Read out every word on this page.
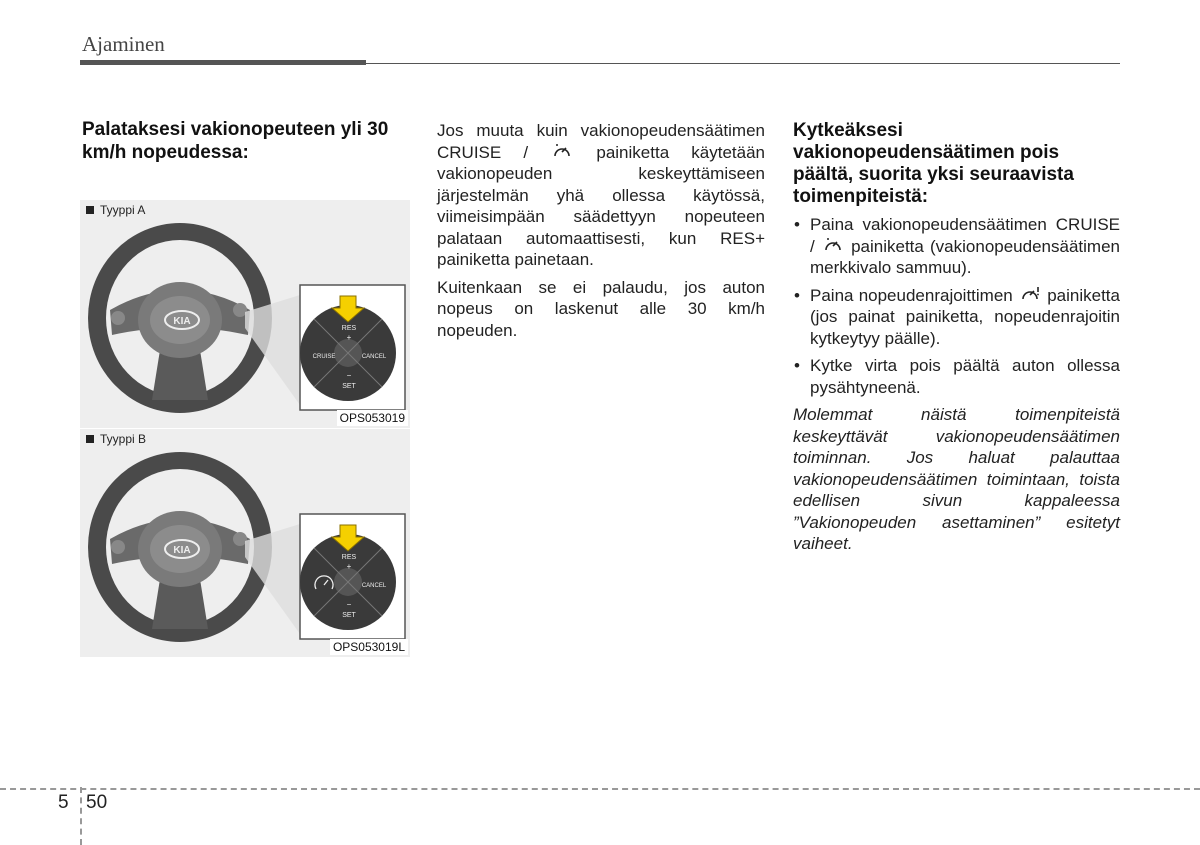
Ajaminen
Palataksesi vakionopeuteen yli 30 km/h nopeudessa:
KIA
RES
+
CRUISE	CANCEL
−
SET
Tyyppi A
OPS053019
KIA
RES
+
CANCEL
−
SET
Tyyppi B
OPS053019L

Jos muuta kuin vakionopeudensäätimen CRUISE /	painiketta käytetään vakionopeuden keskeyttämiseen järjestelmän yhä ollessa käytössä, viimeisimpään säädettyyn nopeuteen palataan automaattisesti, kun RES+ painiketta painetaan.

Kuitenkaan se ei palaudu, jos auton nopeus on laskenut alle 30 km/h nopeuden.

Kytkeäksesi vakionopeudensäätimen pois päältä, suorita yksi seuraavista toimenpiteistä:
• Paina vakionopeudensäätimen CRUISE / painiketta (vakionopeudensäätimen merkkivalo sammuu).
• Paina nopeudenrajoittimen painiketta (jos painat painiketta, nopeudenrajoitin kytkeytyy päälle).
• Kytke virta pois päältä auton ollessa pysähtyneenä.
Molemmat näistä toimenpiteistä keskeyttävät vakionopeudensäätimen toiminnan. Jos haluat palauttaa vakionopeudensäätimen toimintaan, toista edellisen sivun kappaleessa ”Vakionopeuden asettaminen” esitetyt vaiheet.
5 50
